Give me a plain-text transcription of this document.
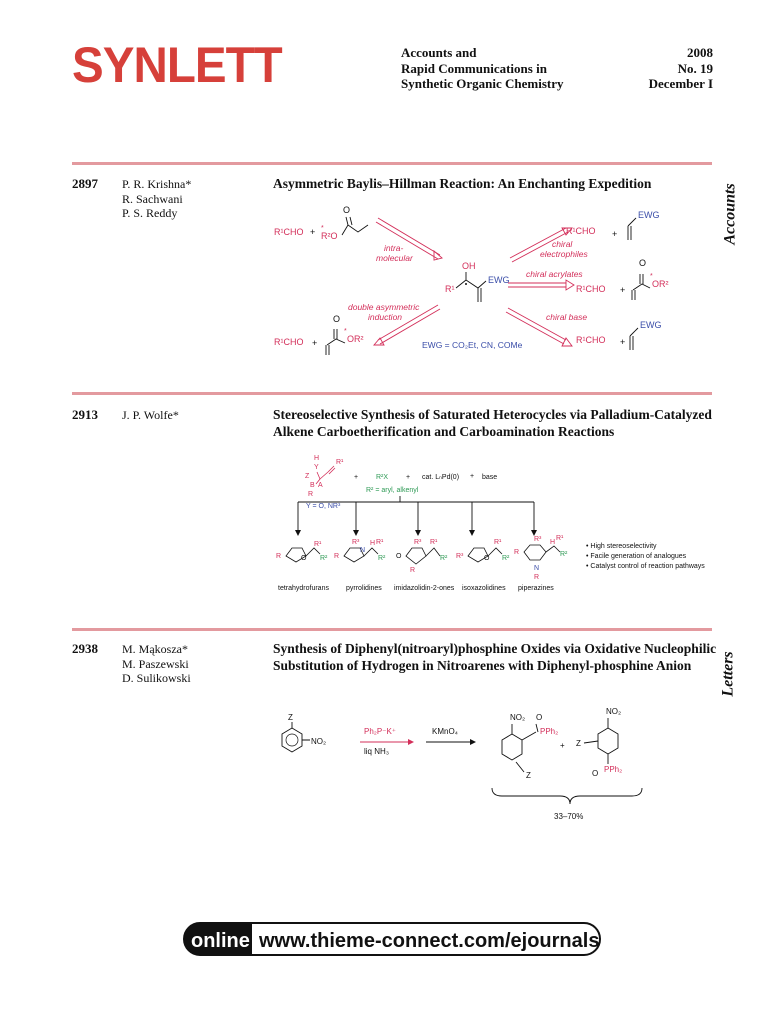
SYNLETT	Accounts and
Rapid Communications in
Synthetic Organic Chemistry
2008
No. 19
December I
2897 P. R. Krishna*
R. Sachwani
P. S. Reddy
Asymmetric Baylis–Hillman Reaction: An Enchanting Expedition	Accounts
R¹CHO + R²O
*
O
intra-
molecular
OH
R¹
EWG
chiral
electrophiles
R¹CHO +
EWG
chiral acrylates
R¹CHO +
O
OR²
*
double asymmetric
induction
R¹CHO +
O
OR²
*
chiral base
R¹CHO +
EWG
EWG = CO₂Et, CN, COMe
2913 J. P. Wolfe*	Stereoselective Synthesis of Saturated Heterocycles via Palladium-Catalyzed Alkene Carboetherification and Carboamination Reactions
H
Y
Z
B A
R
R¹
+	R²X	+ cat. LₙPd(0) + base
R² = aryl, alkenyl
Y = O, NR³
R	O
R¹
R² R
N
R³ H R¹
R² O
R³
R
R¹
R² R³	O
R¹
R²
R
R³ H
R¹
R²
N
R
tetrahydrofurans pyrrolidines imidazolidin-2-ones isoxazolidines piperazines
• High stereoselectivity
• Facile generation of analogues
• Catalyst control of reaction pathways
2938 M. Mąkosza*
M. Paszewski
D. Sulikowski
Synthesis of Diphenyl(nitroaryl)phosphine Oxides via Oxidative Nucleophilic Substitution of Hydrogen in Nitroarenes with Diphenyl-phosphine Anion	Letters
Z
NO₂
Ph₂P⁻K⁺
liq NH₃
KMnO₄
NO₂ O
PPh₂
Z
+
NO₂
Z
O PPh₂
33–70%
online www.thieme-connect.com/ejournals
